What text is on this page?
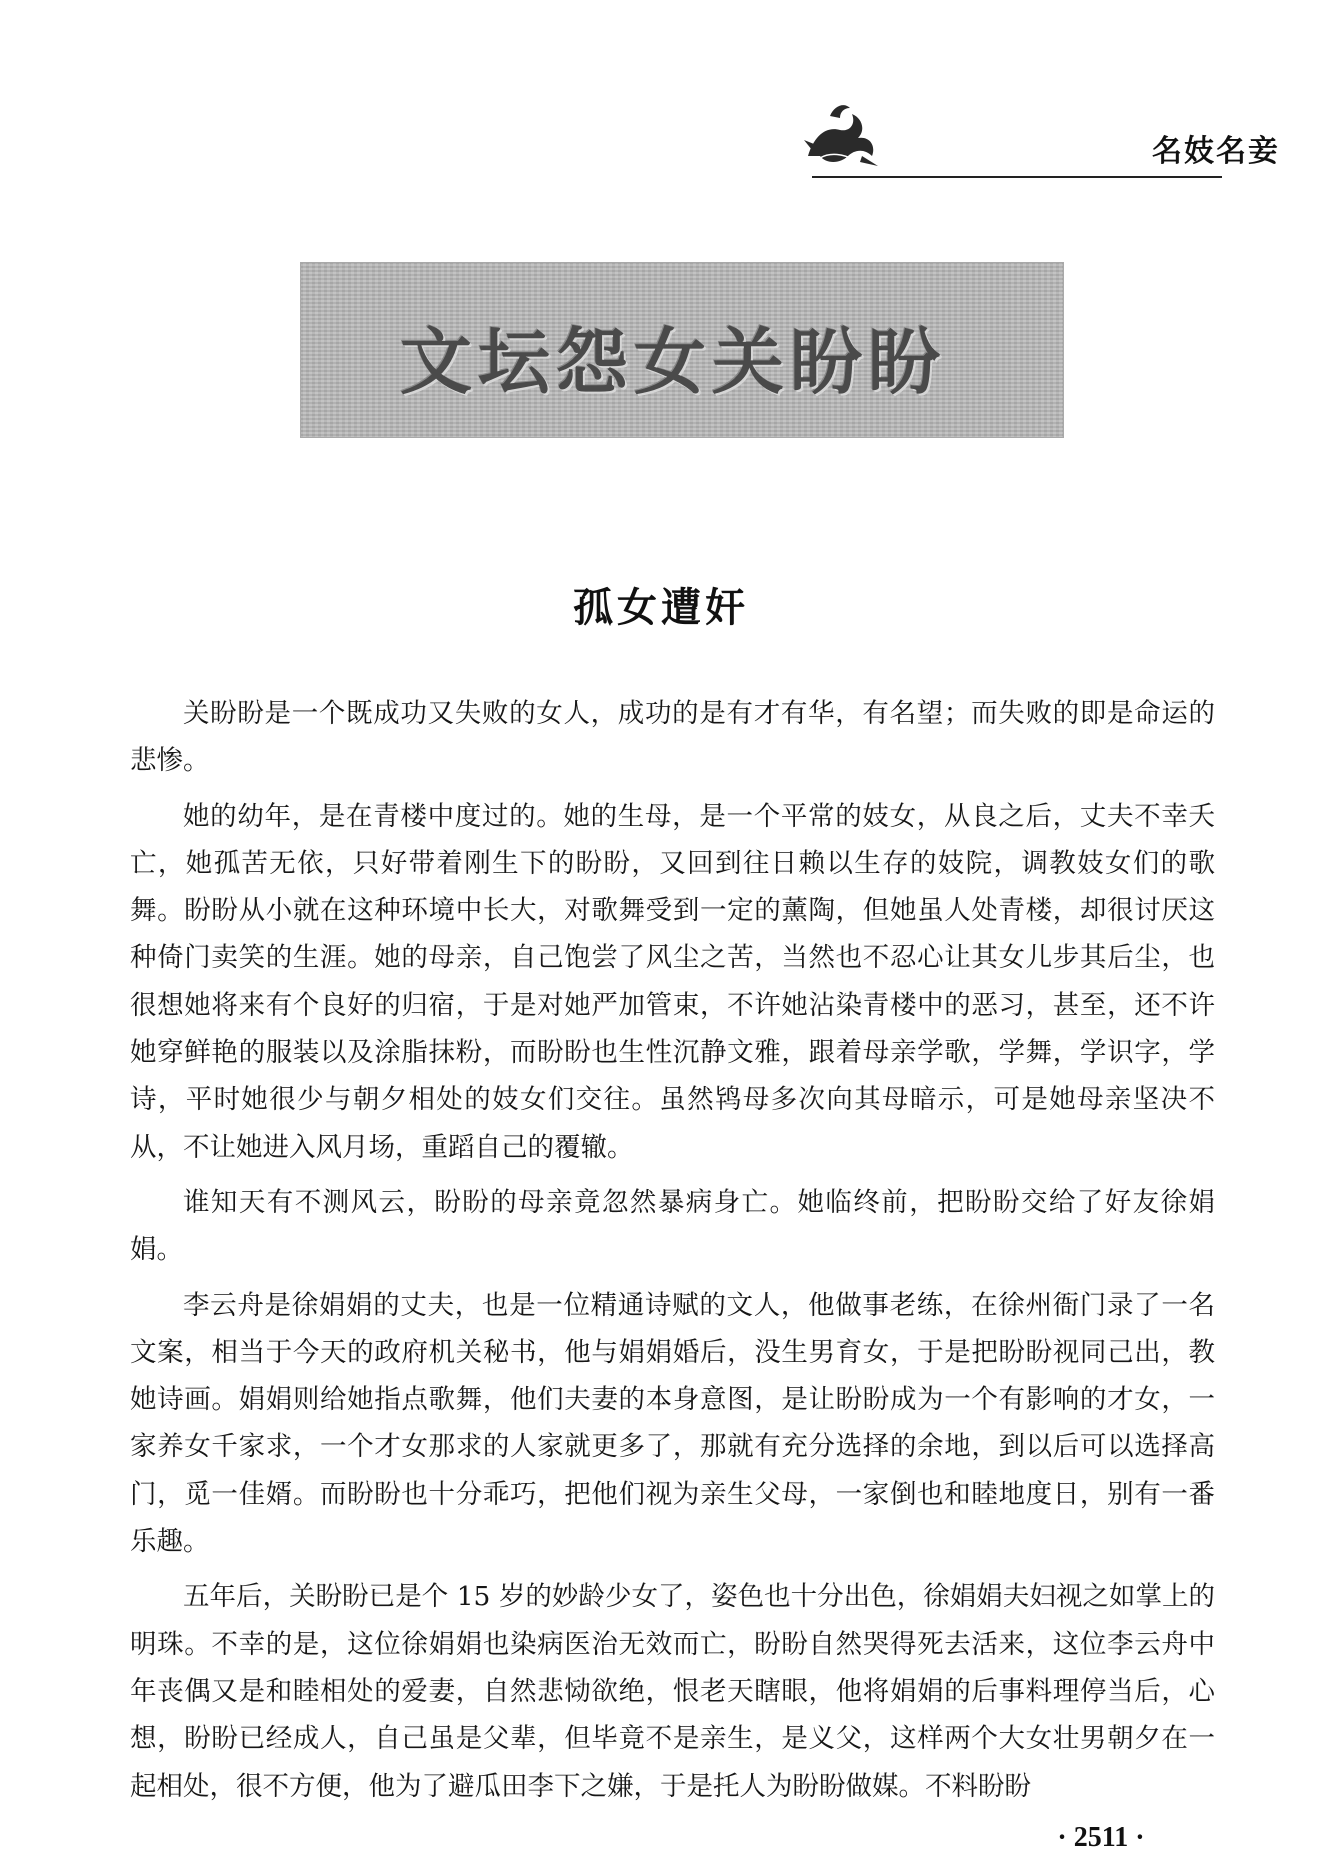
名妓名妾
文坛怨女关盼盼
孤女遭奸

关盼盼是一个既成功又失败的女人，成功的是有才有华，有名望；而失败的即是命运的悲惨。

她的幼年，是在青楼中度过的。她的生母，是一个平常的妓女，从良之后，丈夫不幸夭亡，她孤苦无依，只好带着刚生下的盼盼，又回到往日赖以生存的妓院，调教妓女们的歌舞。盼盼从小就在这种环境中长大，对歌舞受到一定的薰陶，但她虽人处青楼，却很讨厌这种倚门卖笑的生涯。她的母亲，自己饱尝了风尘之苦，当然也不忍心让其女儿步其后尘，也很想她将来有个良好的归宿，于是对她严加管束，不许她沾染青楼中的恶习，甚至，还不许她穿鲜艳的服装以及涂脂抹粉，而盼盼也生性沉静文雅，跟着母亲学歌，学舞，学识字，学诗，平时她很少与朝夕相处的妓女们交往。虽然鸨母多次向其母暗示，可是她母亲坚决不从，不让她进入风月场，重蹈自己的覆辙。

谁知天有不测风云，盼盼的母亲竟忽然暴病身亡。她临终前，把盼盼交给了好友徐娟娟。

李云舟是徐娟娟的丈夫，也是一位精通诗赋的文人，他做事老练，在徐州衙门录了一名文案，相当于今天的政府机关秘书，他与娟娟婚后，没生男育女，于是把盼盼视同己出，教她诗画。娟娟则给她指点歌舞，他们夫妻的本身意图，是让盼盼成为一个有影响的才女，一家养女千家求，一个才女那求的人家就更多了，那就有充分选择的余地，到以后可以选择高门，觅一佳婿。而盼盼也十分乖巧，把他们视为亲生父母，一家倒也和睦地度日，别有一番乐趣。

五年后，关盼盼已是个 15 岁的妙龄少女了，姿色也十分出色，徐娟娟夫妇视之如掌上的明珠。不幸的是，这位徐娟娟也染病医治无效而亡，盼盼自然哭得死去活来，这位李云舟中年丧偶又是和睦相处的爱妻，自然悲恸欲绝，恨老天瞎眼，他将娟娟的后事料理停当后，心想，盼盼已经成人，自己虽是父辈，但毕竟不是亲生，是义父，这样两个大女壮男朝夕在一起相处，很不方便，他为了避瓜田李下之嫌，于是托人为盼盼做媒。不料盼盼

· 2511 ·
